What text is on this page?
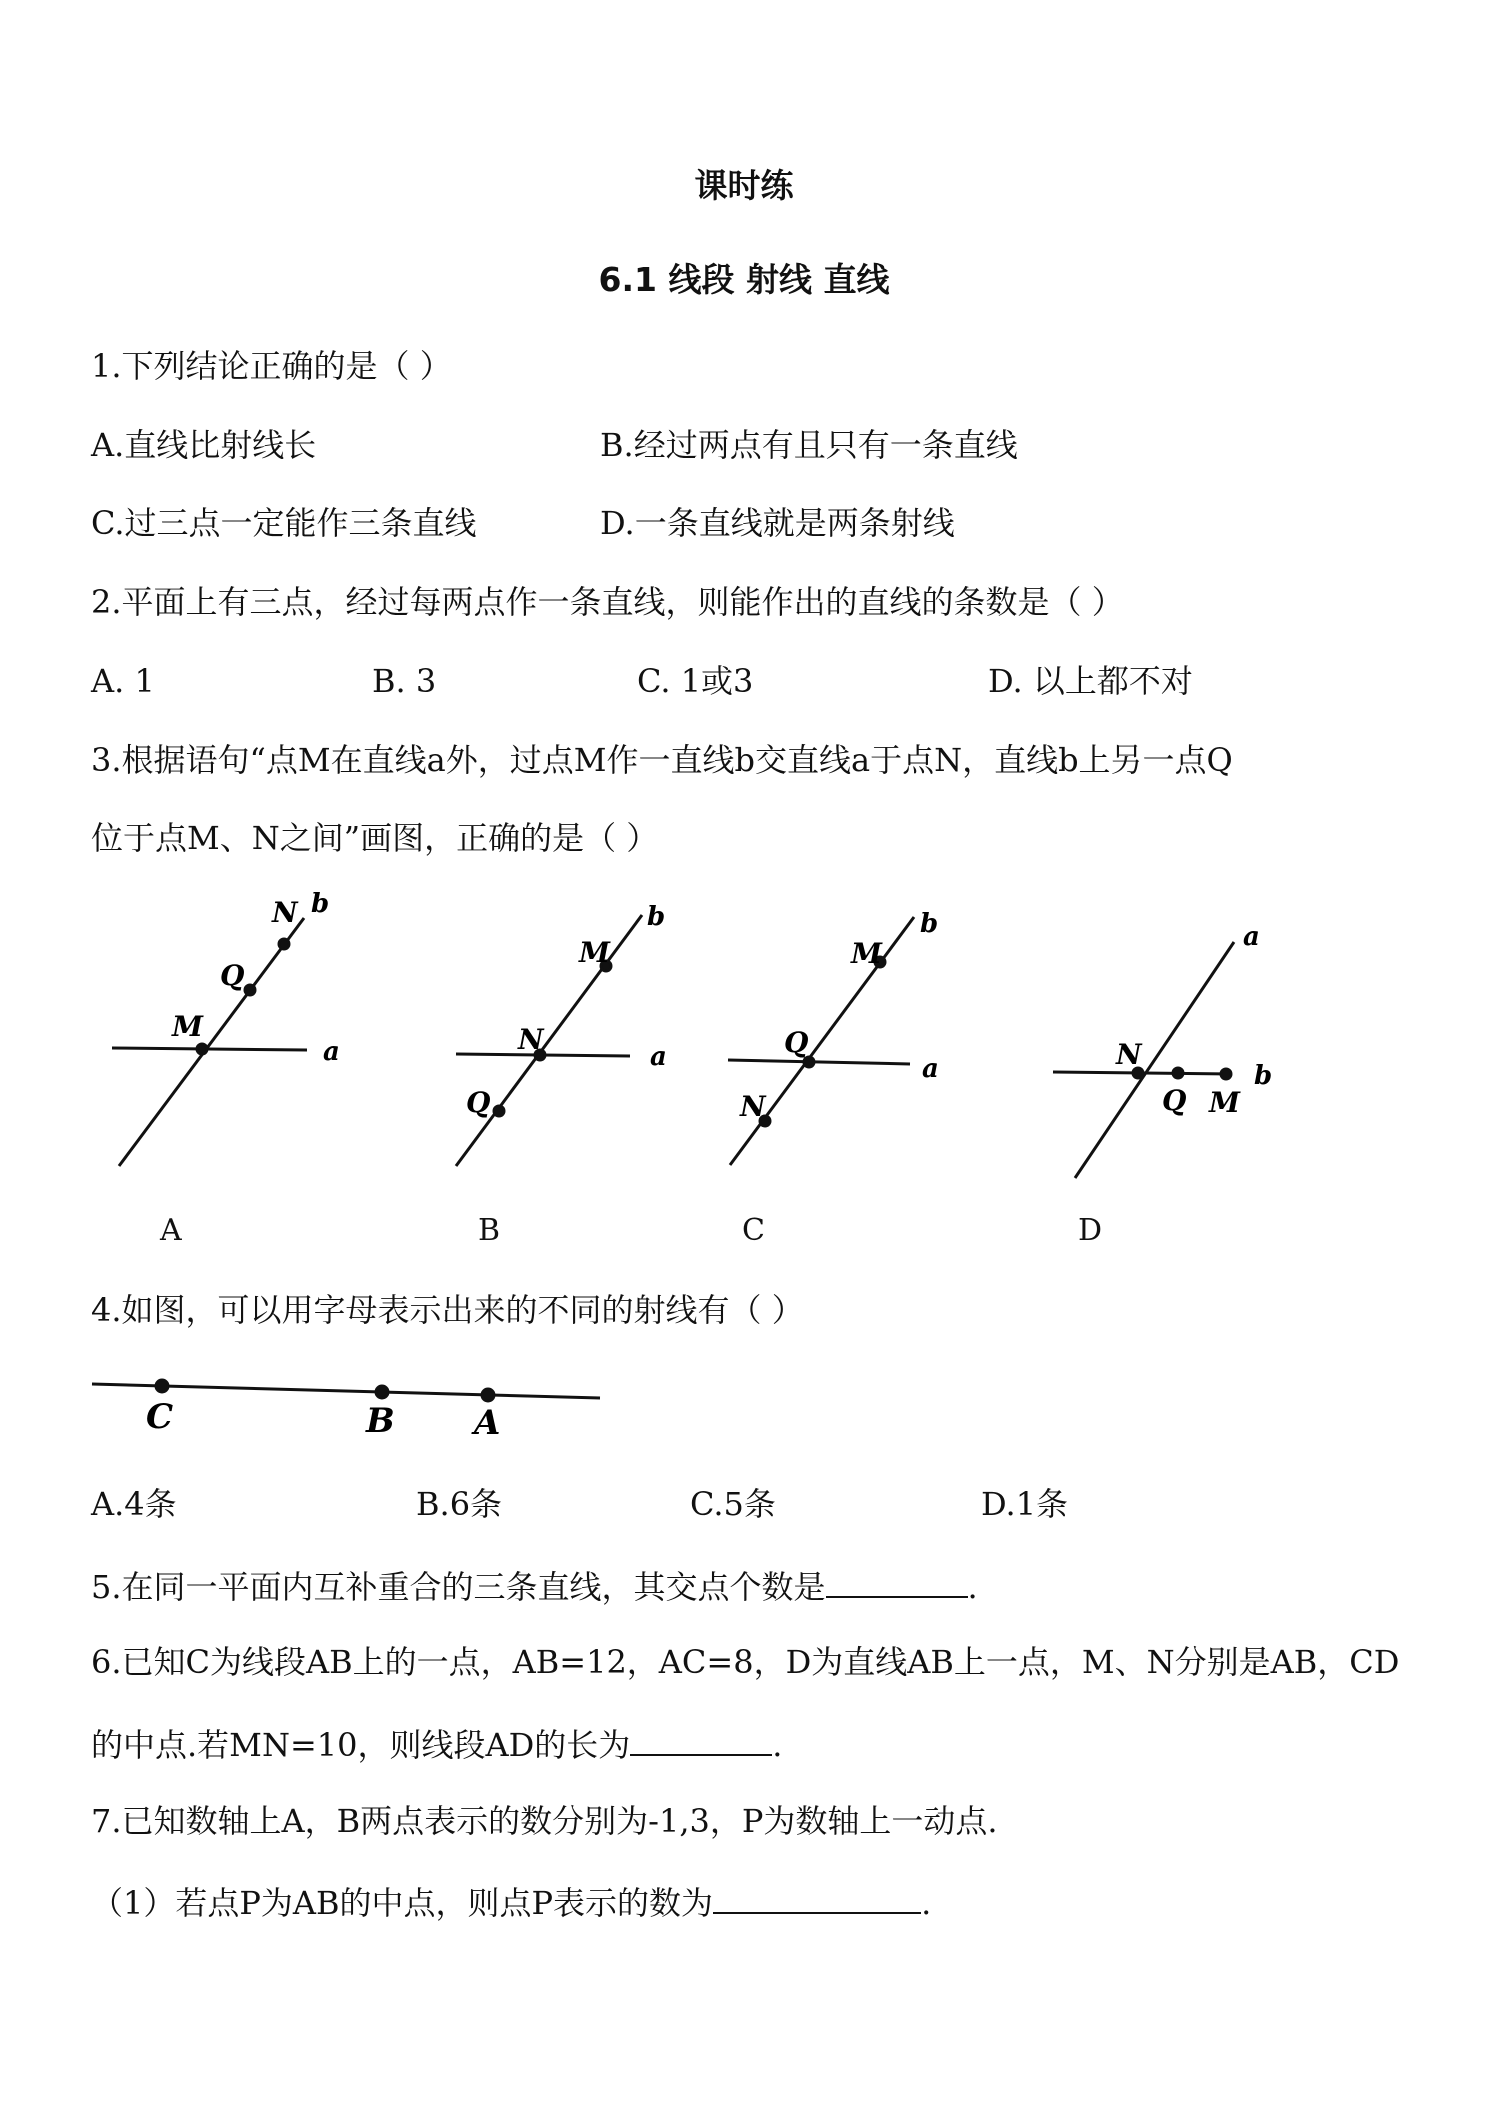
课时练
6.1 线段 射线 直线
1.下列结论正确的是（ ）
A.直线比射线长	B.经过两点有且只有一条直线
C.过三点一定能作三条直线	D.一条直线就是两条射线
2.平面上有三点，经过每两点作一条直线，则能作出的直线的条数是（ ）
A. 1	B. 3	C. 1或3	D. 以上都不对
3.根据语句“点M在直线a外，过点M作一直线b交直线a于点N，直线b上另一点Q
位于点M、N之间”画图，正确的是（ ）
M
Q
N b
a	N
M
Q
b
a	Q
M
N
b
a	N
Q M
a
b
A	B	C	D
4.如图，可以用字母表示出来的不同的射线有（ ）
C	B A
A.4条	B.6条	C.5条	D.1条
5.在同一平面内互补重合的三条直线，其交点个数是	.
6.已知C为线段AB上的一点，AB=12，AC=8，D为直线AB上一点，M、N分别是AB，CD
的中点.若MN=10，则线段AD的长为	.
7.已知数轴上A，B两点表示的数分别为-1,3，P为数轴上一动点.
（1）若点P为AB的中点，则点P表示的数为	.
